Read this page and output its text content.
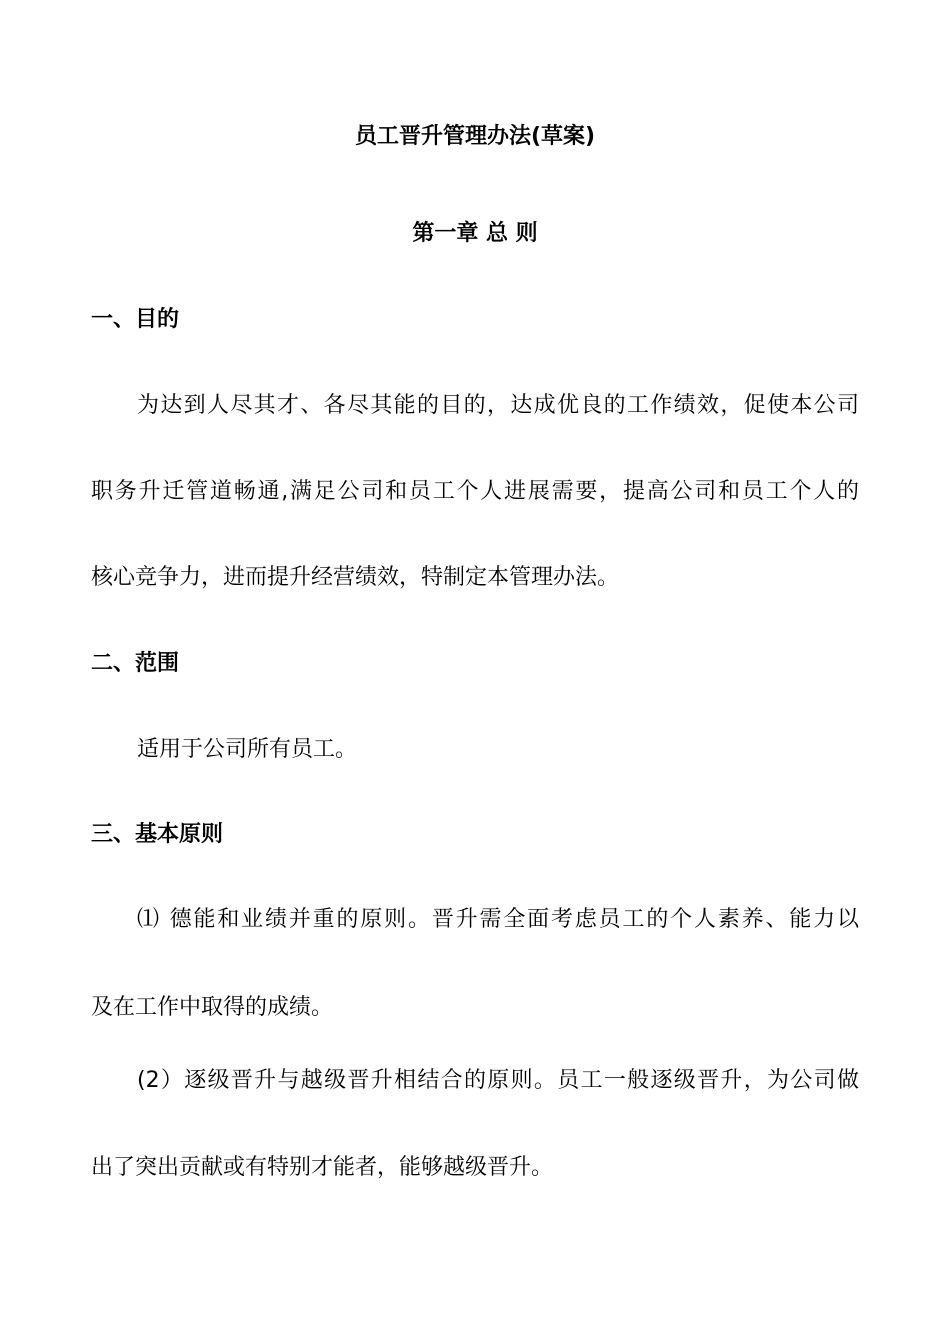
员工晋升管理办法(草案)
第一章 总 则
一、目的
为达到人尽其才、各尽其能的目的，达成优良的工作绩效，促使本公司
职务升迁管道畅通,满足公司和员工个人进展需要，提高公司和员工个人的
核心竞争力，进而提升经营绩效，特制定本管理办法。
二、范围
适用于公司所有员工。
三、基本原则
⑴ 德能和业绩并重的原则。晋升需全面考虑员工的个人素养、能力以
及在工作中取得的成绩。
(2）逐级晋升与越级晋升相结合的原则。员工一般逐级晋升，为公司做
出了突出贡献或有特别才能者，能够越级晋升。
